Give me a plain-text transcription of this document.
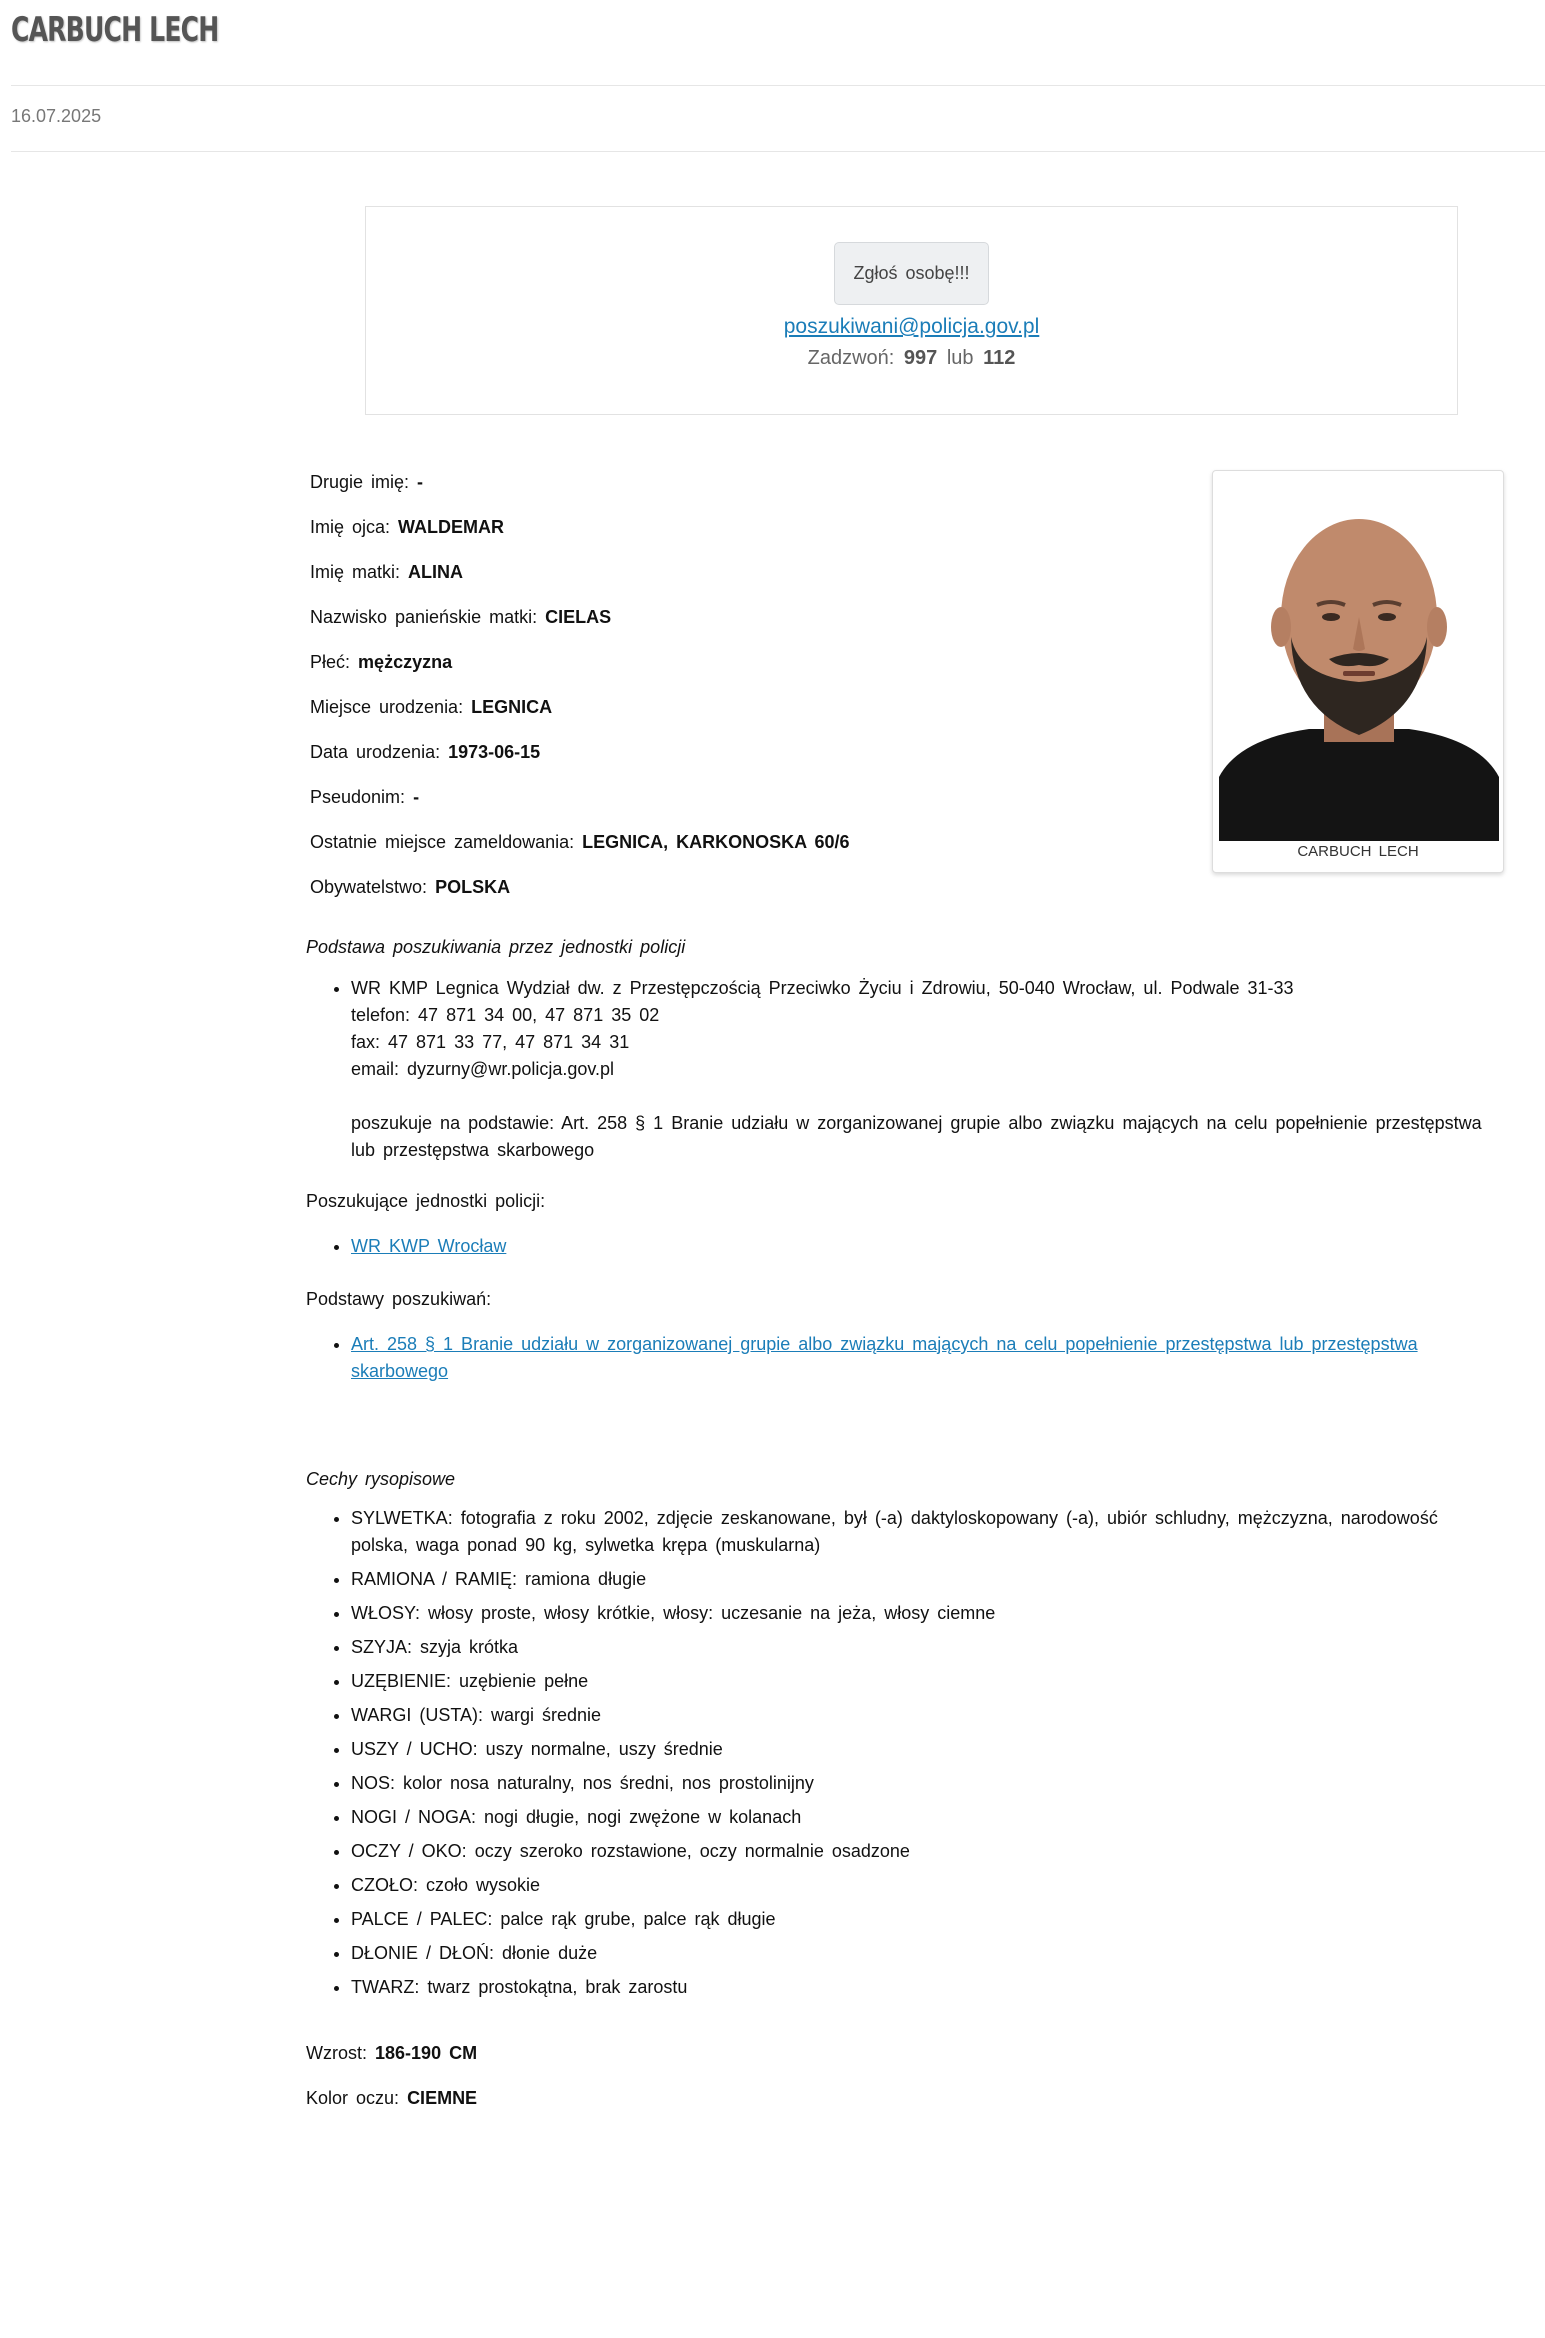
CARBUCH LECH
16.07.2025
Zgłoś osobę!!!
poszukiwani@policja.gov.pl
Zadzwoń: 997 lub 112
Drugie imię: -
Imię ojca: WALDEMAR
Imię matki: ALINA
Nazwisko panieńskie matki: CIELAS
Płeć: mężczyzna
Miejsce urodzenia: LEGNICA
Data urodzenia: 1973-06-15
Pseudonim: -
Ostatnie miejsce zameldowania: LEGNICA, KARKONOSKA 60/6
Obywatelstwo: POLSKA
CARBUCH LECH
Podstawa poszukiwania przez jednostki policji
• WR KMP Legnica Wydział dw. z Przestępczością Przeciwko Życiu i Zdrowiu, 50-040 Wrocław, ul. Podwale 31-33
telefon: 47 871 34 00, 47 871 35 02
fax: 47 871 33 77, 47 871 34 31
email: dyzurny@wr.policja.gov.pl
poszukuje na podstawie: Art. 258 § 1 Branie udziału w zorganizowanej grupie albo związku mających na celu popełnienie przestępstwa lub przestępstwa skarbowego
Poszukujące jednostki policji:
• WR KWP Wrocław
Podstawy poszukiwań:
• Art. 258 § 1 Branie udziału w zorganizowanej grupie albo związku mających na celu popełnienie przestępstwa lub przestępstwa skarbowego
Cechy rysopisowe
• SYLWETKA: fotografia z roku 2002, zdjęcie zeskanowane, był (-a) daktyloskopowany (-a), ubiór schludny, mężczyzna, narodowość polska, waga ponad 90 kg, sylwetka krępa (muskularna)
• RAMIONA / RAMIĘ: ramiona długie
• WŁOSY: włosy proste, włosy krótkie, włosy: uczesanie na jeża, włosy ciemne
• SZYJA: szyja krótka
• UZĘBIENIE: uzębienie pełne
• WARGI (USTA): wargi średnie
• USZY / UCHO: uszy normalne, uszy średnie
• NOS: kolor nosa naturalny, nos średni, nos prostolinijny
• NOGI / NOGA: nogi długie, nogi zwężone w kolanach
• OCZY / OKO: oczy szeroko rozstawione, oczy normalnie osadzone
• CZOŁO: czoło wysokie
• PALCE / PALEC: palce rąk grube, palce rąk długie
• DŁONIE / DŁOŃ: dłonie duże
• TWARZ: twarz prostokątna, brak zarostu
Wzrost: 186-190 CM
Kolor oczu: CIEMNE
